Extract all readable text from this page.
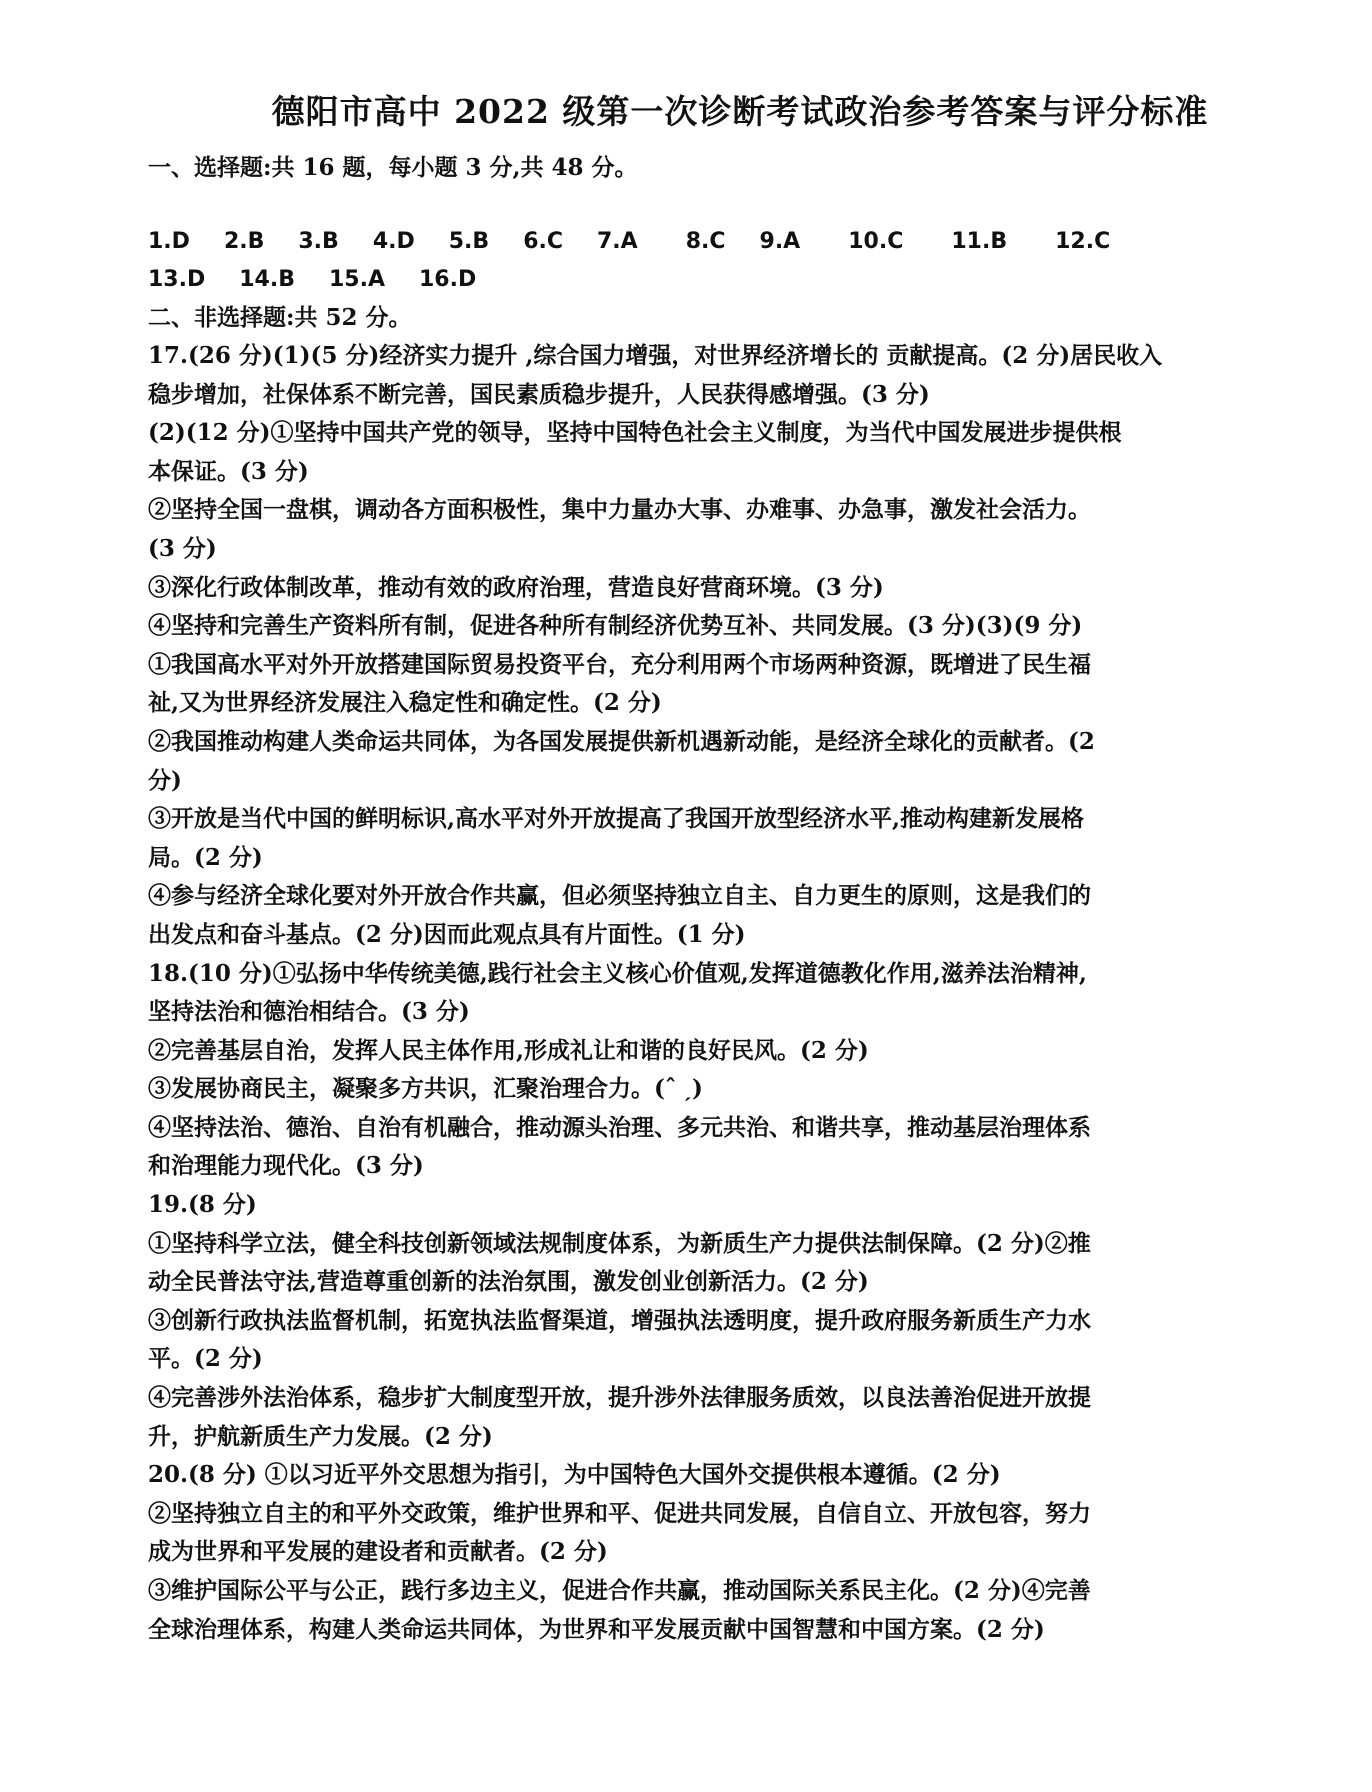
德阳市高中 2022 级第一次诊断考试政治参考答案与评分标准

一、选择题:共 16 题，每小题 3 分,共 48 分。

1.D 2.B 3.B 4.D 5.B 6.C 7.A 8.C 9.A 10.C 11.B 12.C

13.D 14.B 15.A 16.D

二、非选择题:共 52 分。

17.(26 分)(1)(5 分)经济实力提升 ,综合国力增强，对世界经济增长的 贡献提高。(2 分)居民收入

稳步增加，社保体系不断完善，国民素质稳步提升，人民获得感增强。(3 分)

(2)(12 分)①坚持中国共产党的领导，坚持中国特色社会主义制度，为当代中国发展进步提供根

本保证。(3 分)

②坚持全国一盘棋，调动各方面积极性，集中力量办大事、办难事、办急事，激发社会活力。

(3 分)

③深化行政体制改革，推动有效的政府治理，营造良好营商环境。(3 分)

④坚持和完善生产资料所有制，促进各种所有制经济优势互补、共同发展。(3 分)(3)(9 分)

①我国高水平对外开放搭建国际贸易投资平台，充分利用两个市场两种资源，既增进了民生福

祉,又为世界经济发展注入稳定性和确定性。(2 分)

②我国推动构建人类命运共同体，为各国发展提供新机遇新动能，是经济全球化的贡献者。(2

分)

③开放是当代中国的鲜明标识,高水平对外开放提高了我国开放型经济水平,推动构建新发展格

局。(2 分)

④参与经济全球化要对外开放合作共赢，但必须坚持独立自主、自力更生的原则，这是我们的

出发点和奋斗基点。(2 分)因而此观点具有片面性。(1 分)

18.(10 分)①弘扬中华传统美德,践行社会主义核心价值观,发挥道德教化作用,滋养法治精神,

坚持法治和德治相结合。(3 分)

②完善基层自治，发挥人民主体作用,形成礼让和谐的良好民风。(2 分)

③发展协商民主，凝聚多方共识，汇聚治理合力。(ˆ ˏ)

④坚持法治、德治、自治有机融合，推动源头治理、多元共治、和谐共享，推动基层治理体系

和治理能力现代化。(3 分)

19.(8 分)

①坚持科学立法，健全科技创新领域法规制度体系，为新质生产力提供法制保障。(2 分)②推

动全民普法守法,营造尊重创新的法治氛围，激发创业创新活力。(2 分)

③创新行政执法监督机制，拓宽执法监督渠道，增强执法透明度，提升政府服务新质生产力水

平。(2 分)

④完善涉外法治体系，稳步扩大制度型开放，提升涉外法律服务质效，以良法善治促进开放提

升，护航新质生产力发展。(2 分)

20.(8 分) ①以习近平外交思想为指引，为中国特色大国外交提供根本遵循。(2 分)

②坚持独立自主的和平外交政策，维护世界和平、促进共同发展，自信自立、开放包容，努力

成为世界和平发展的建设者和贡献者。(2 分)

③维护国际公平与公正，践行多边主义，促进合作共赢，推动国际关系民主化。(2 分)④完善

全球治理体系，构建人类命运共同体，为世界和平发展贡献中国智慧和中国方案。(2 分)
